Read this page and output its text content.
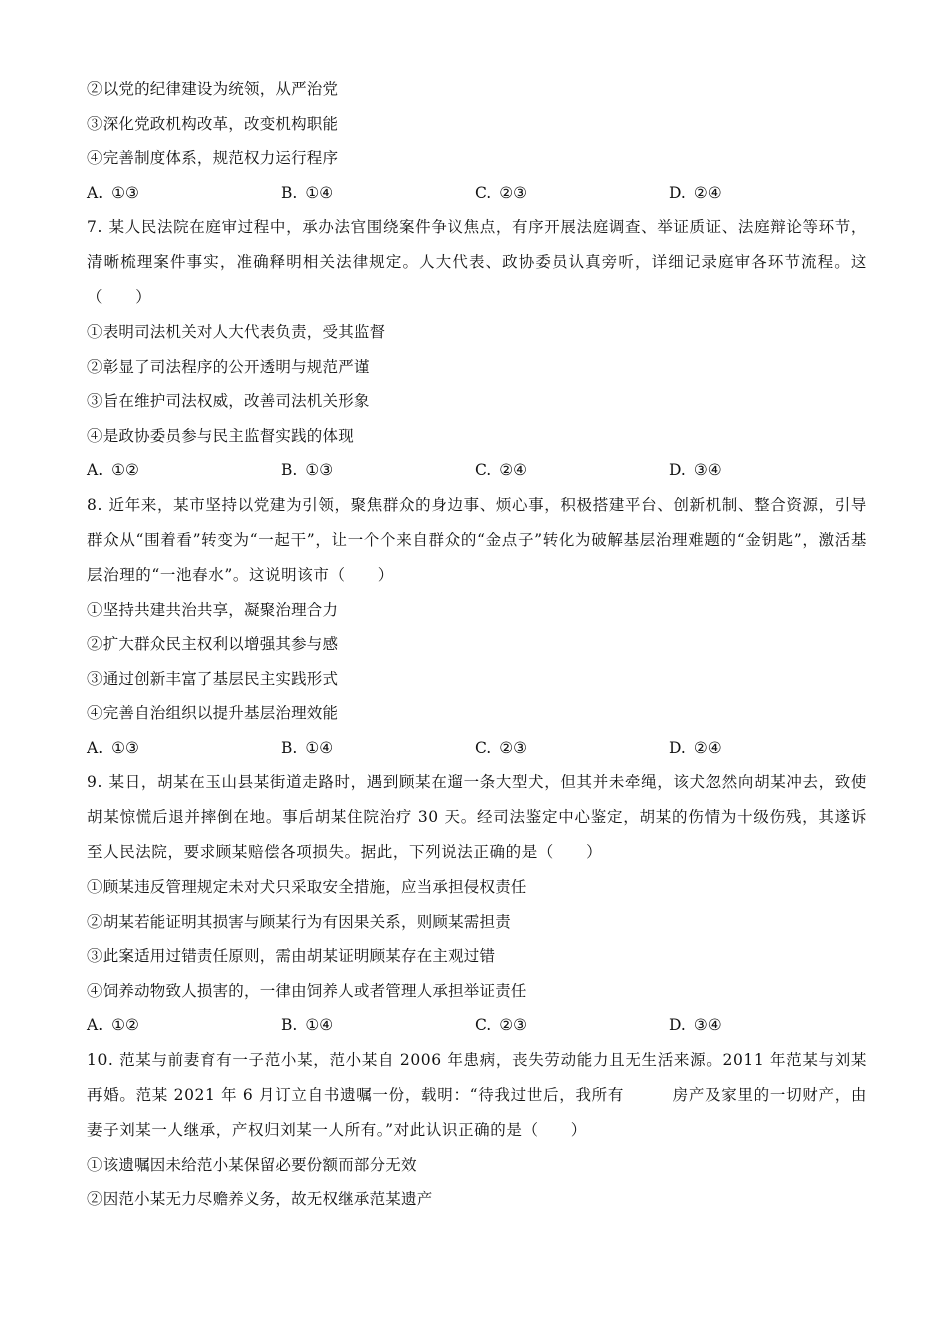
②以党的纪律建设为统领，从严治党
③深化党政机构改革，改变机构职能
④完善制度体系，规范权力运行程序
A. ①③	B. ①④	C. ②③	D. ②④
7. 某人民法院在庭审过程中，承办法官围绕案件争议焦点，有序开展法庭调查、举证质证、法庭辩论等环节，清晰梳理案件事实，准确释明相关法律规定。人大代表、政协委员认真旁听，详细记录庭审各环节流程。这（　　）
①表明司法机关对人大代表负责，受其监督
②彰显了司法程序的公开透明与规范严谨
③旨在维护司法权威，改善司法机关形象
④是政协委员参与民主监督实践的体现
A. ①②	B. ①③	C. ②④	D. ③④
8. 近年来，某市坚持以党建为引领，聚焦群众的身边事、烦心事，积极搭建平台、创新机制、整合资源，引导群众从“围着看”转变为“一起干”，让一个个来自群众的“金点子”转化为破解基层治理难题的“金钥匙”，激活基层治理的“一池春水”。这说明该市（　　）
①坚持共建共治共享，凝聚治理合力
②扩大群众民主权利以增强其参与感
③通过创新丰富了基层民主实践形式
④完善自治组织以提升基层治理效能
A. ①③	B. ①④	C. ②③	D. ②④
9. 某日，胡某在玉山县某街道走路时，遇到顾某在遛一条大型犬，但其并未牵绳，该犬忽然向胡某冲去，致使胡某惊慌后退并摔倒在地。事后胡某住院治疗 30 天。经司法鉴定中心鉴定，胡某的伤情为十级伤残，其遂诉至人民法院，要求顾某赔偿各项损失。据此，下列说法正确的是（　　）
①顾某违反管理规定未对犬只采取安全措施，应当承担侵权责任
②胡某若能证明其损害与顾某行为有因果关系，则顾某需担责
③此案适用过错责任原则，需由胡某证明顾某存在主观过错
④饲养动物致人损害的，一律由饲养人或者管理人承担举证责任
A. ①②	B. ①④	C. ②③	D. ③④
10. 范某与前妻育有一子范小某，范小某自 2006 年患病，丧失劳动能力且无生活来源。2011 年范某与刘某再婚。范某 2021 年 6 月订立自书遗嘱一份，载明：“待我过世后，我所有　　　房产及家里的一切财产，由妻子刘某一人继承，产权归刘某一人所有。”对此认识正确的是（　　）
①该遗嘱因未给范小某保留必要份额而部分无效
②因范小某无力尽赡养义务，故无权继承范某遗产
